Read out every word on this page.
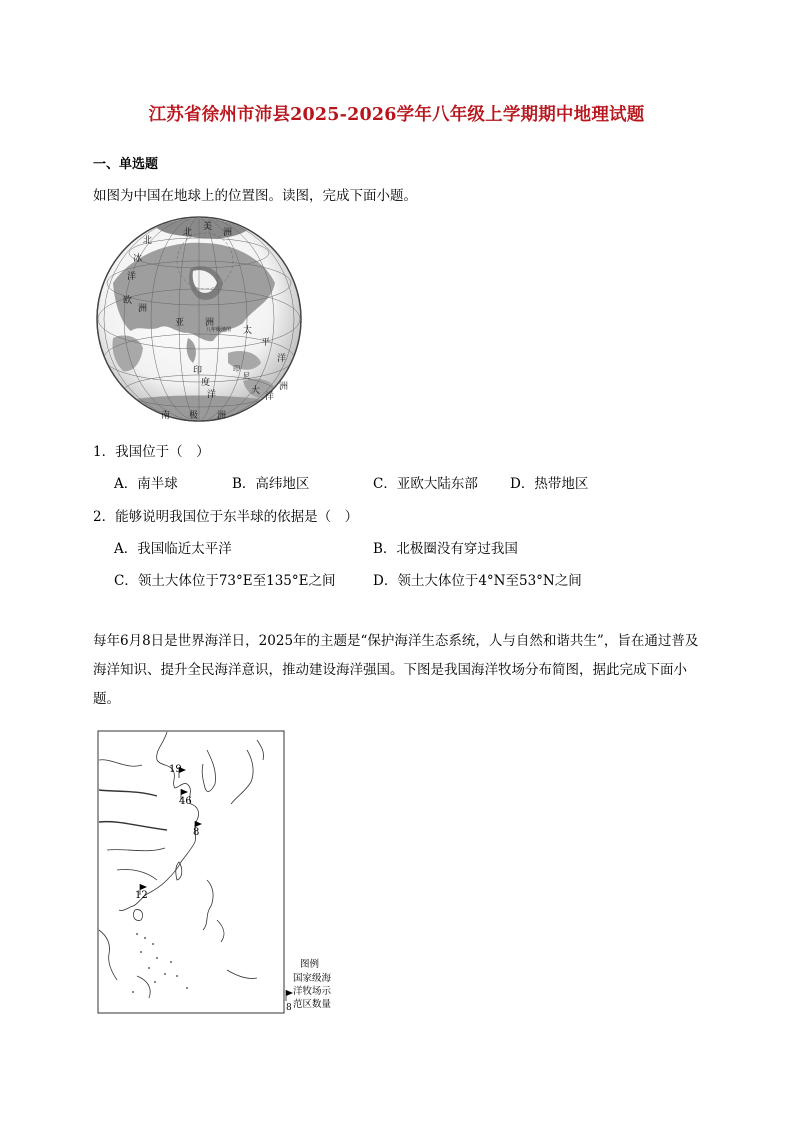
江苏省徐州市沛县2025-2026学年八年级上学期期中地理试题
一、单选题
如图为中国在地球上的位置图。读图，完成下面小题。
北
美
洲
北
冰
洋
亚 洲
欧
洲
太
平
洋
印
度
洋
南 极 洲
八年级地图
印
尼
大
洋
洲
1．我国位于（　）
A．南半球	B．高纬地区	C．亚欧大陆东部 D．热带地区
2．能够说明我国位于东半球的依据是（　）
A．我国临近太平洋	B．北极圈没有穿过我国
C．领土大体位于73°E至135°E之间	D．领土大体位于4°N至53°N之间
每年6月8日是世界海洋日，2025年的主题是“保护海洋生态系统，人与自然和谐共生”，旨在通过普及海洋知识、提升全民海洋意识，推动建设海洋强国。下图是我国海洋牧场分布简图，据此完成下面小题。
19
46
8
12
图例
国家级海
洋牧场示
范区数量
8
